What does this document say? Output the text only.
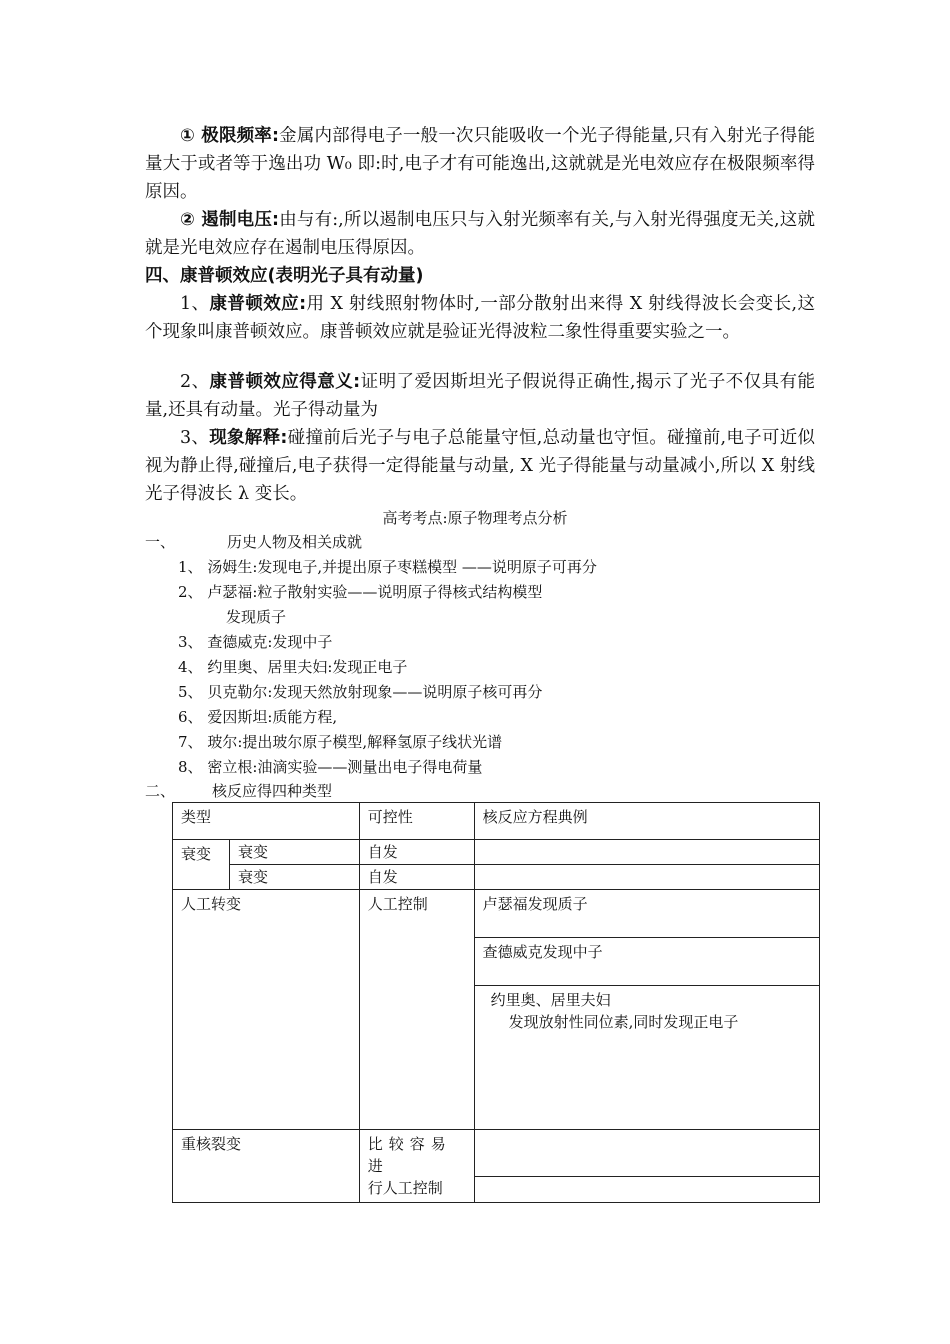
① 极限频率:金属内部得电子一般一次只能吸收一个光子得能量,只有入射光子得能量大于或者等于逸出功 W₀ 即:时,电子才有可能逸出,这就就是光电效应存在极限频率得原因。

② 遏制电压:由与有:,所以遏制电压只与入射光频率有关,与入射光得强度无关,这就就是光电效应存在遏制电压得原因。

四、康普顿效应(表明光子具有动量)

1、康普顿效应:用 X 射线照射物体时,一部分散射出来得 X 射线得波长会变长,这个现象叫康普顿效应。康普顿效应就是验证光得波粒二象性得重要实验之一。

2、康普顿效应得意义:证明了爱因斯坦光子假说得正确性,揭示了光子不仅具有能量,还具有动量。光子得动量为

3、现象解释:碰撞前后光子与电子总能量守恒,总动量也守恒。碰撞前,电子可近似视为静止得,碰撞后,电子获得一定得能量与动量, X 光子得能量与动量减小,所以 X 射线光子得波长 λ 变长。

高考考点:原子物理考点分析
一、	历史人物及相关成就
1、 汤姆生:发现电子,并提出原子枣糕模型 ——说明原子可再分
2、 卢瑟福:粒子散射实验——说明原子得核式结构模型
发现质子
3、 查德威克:发现中子
4、 约里奥、居里夫妇:发现正电子
5、 贝克勒尔:发现天然放射现象——说明原子核可再分
6、 爱因斯坦:质能方程,
7、 玻尔:提出玻尔原子模型,解释氢原子线状光谱
8、 密立根:油滴实验——测量出电子得电荷量
二、 核反应得四种类型
类型		可控性	核反应方程典例
衰变	衰变	自发	
	衰变	自发	
人工转变		人工控制	卢瑟福发现质子
查德威克发现中子
约里奥、居里夫妇
发现放射性同位素,同时发现正电子

重核裂变		比较容易进
行人工控制	
